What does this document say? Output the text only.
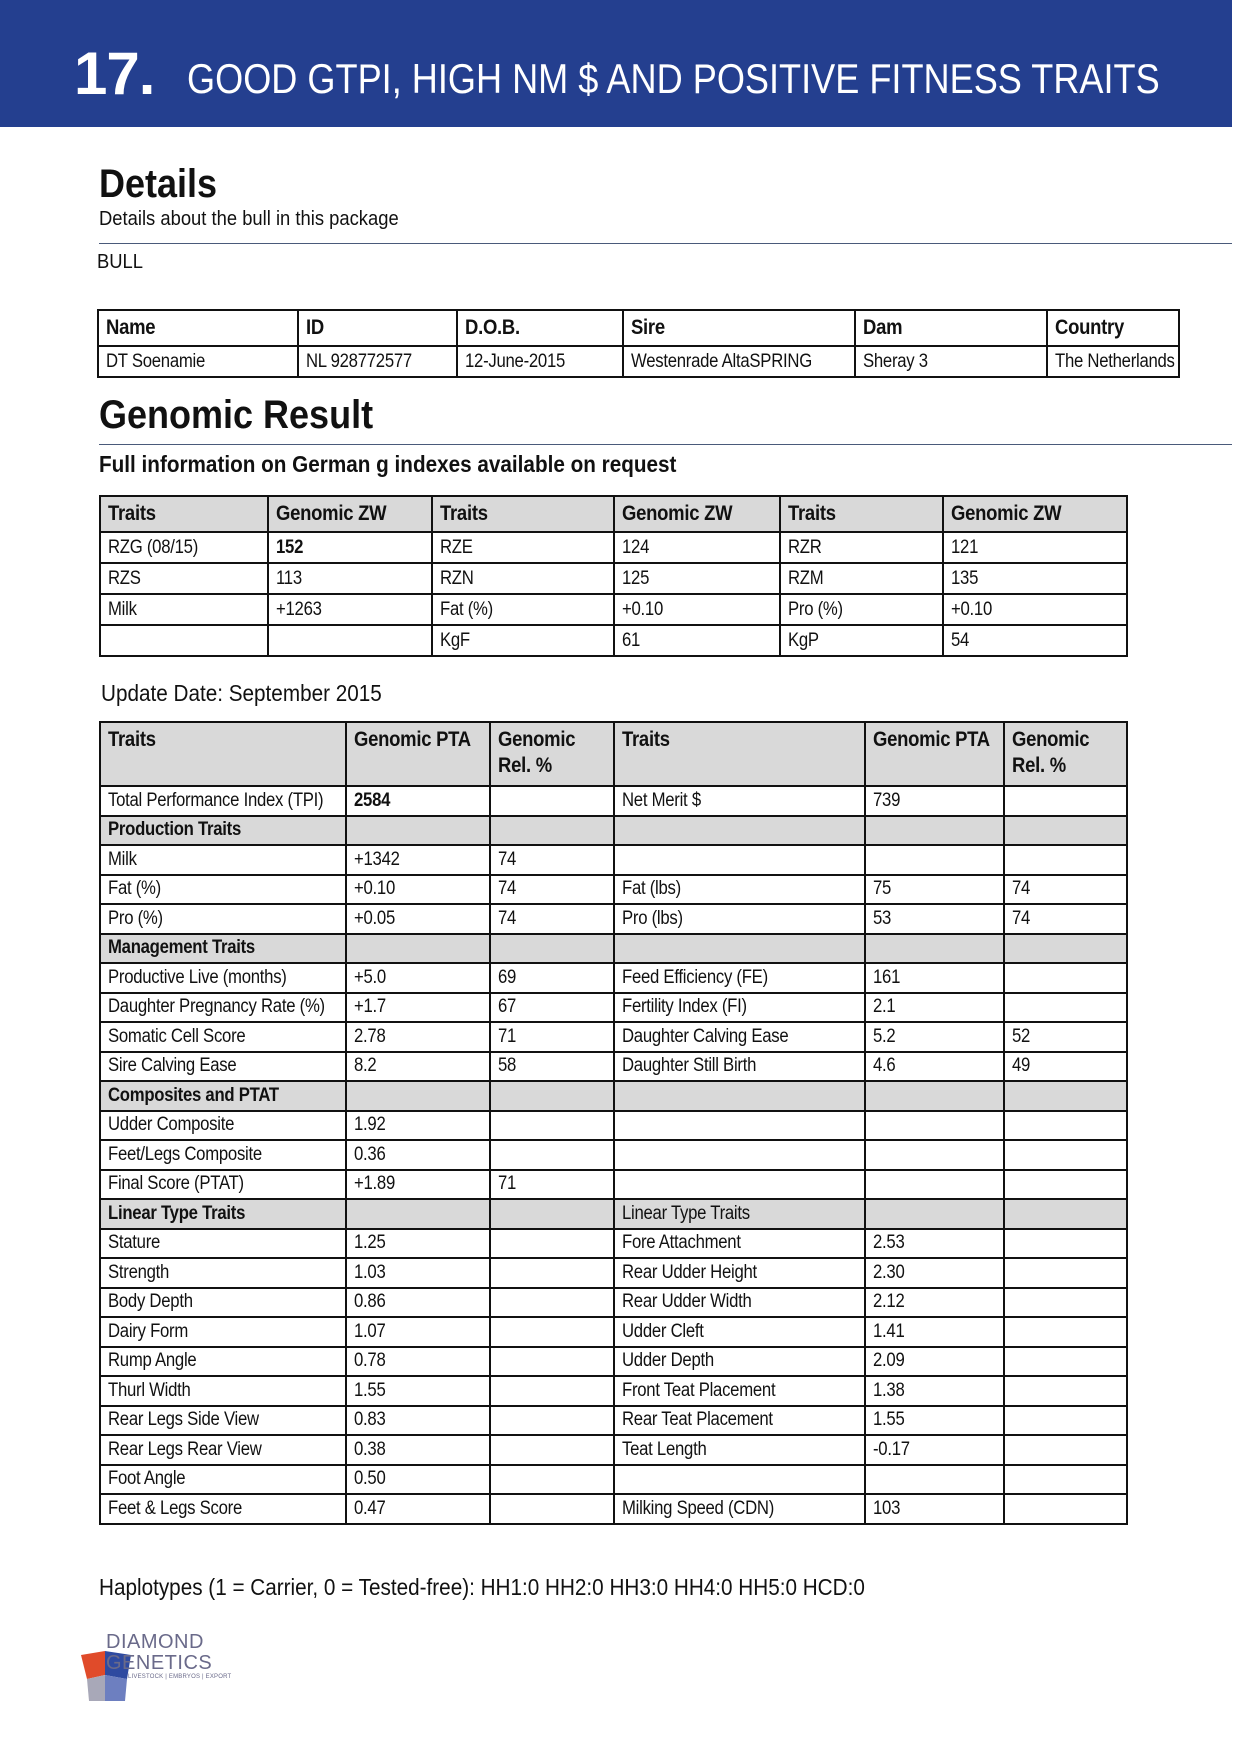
17. GOOD GTPI, HIGH NM $ AND POSITIVE FITNESS TRAITS
Details
Details about the bull in this package
BULL
Name	ID	D.O.B.	Sire	Dam	Country
DT Soenamie	NL 928772577	12-June-2015	Westenrade AltaSPRING	Sheray 3	The Netherlands
Genomic Result
Full information on German g indexes available on request
Traits	Genomic ZW	Traits	Genomic ZW	Traits	Genomic ZW
RZG (08/15)	152	RZE	124	RZR	121
RZS	113	RZN	125	RZM	135
Milk	+1263	Fat (%)	+0.10	Pro (%)	+0.10
		KgF	61	KgP	54
Update Date: September 2015
Traits	Genomic PTA	Genomic Rel. %	Traits	Genomic PTA	Genomic Rel. %
Total Performance Index (TPI)	2584		Net Merit $	739	
Production Traits					
Milk	+1342	74			
Fat (%)	+0.10	74	Fat (lbs)	75	74
Pro (%)	+0.05	74	Pro (lbs)	53	74
Management Traits					
Productive Live (months)	+5.0	69	Feed Efficiency (FE)	161	
Daughter Pregnancy Rate (%)	+1.7	67	Fertility Index (FI)	2.1	
Somatic Cell Score	2.78	71	Daughter Calving Ease	5.2	52
Sire Calving Ease	8.2	58	Daughter Still Birth	4.6	49
Composites and PTAT					
Udder Composite	1.92				
Feet/Legs Composite	0.36				
Final Score (PTAT)	+1.89	71			
Linear Type Traits			Linear Type Traits		
Stature	1.25		Fore Attachment	2.53	
Strength	1.03		Rear Udder Height	2.30	
Body Depth	0.86		Rear Udder Width	2.12	
Dairy Form	1.07		Udder Cleft	1.41	
Rump Angle	0.78		Udder Depth	2.09	
Thurl Width	1.55		Front Teat Placement	1.38	
Rear Legs Side View	0.83		Rear Teat Placement	1.55	
Rear Legs Rear View	0.38		Teat Length	-0.17	
Foot Angle	0.50				
Feet & Legs Score	0.47		Milking Speed (CDN)	103	
Haplotypes (1 = Carrier, 0 = Tested-free): HH1:0 HH2:0 HH3:0 HH4:0 HH5:0 HCD:0
DIAMOND
GENETICS
LIVESTOCK | EMBRYOS | EXPORT
